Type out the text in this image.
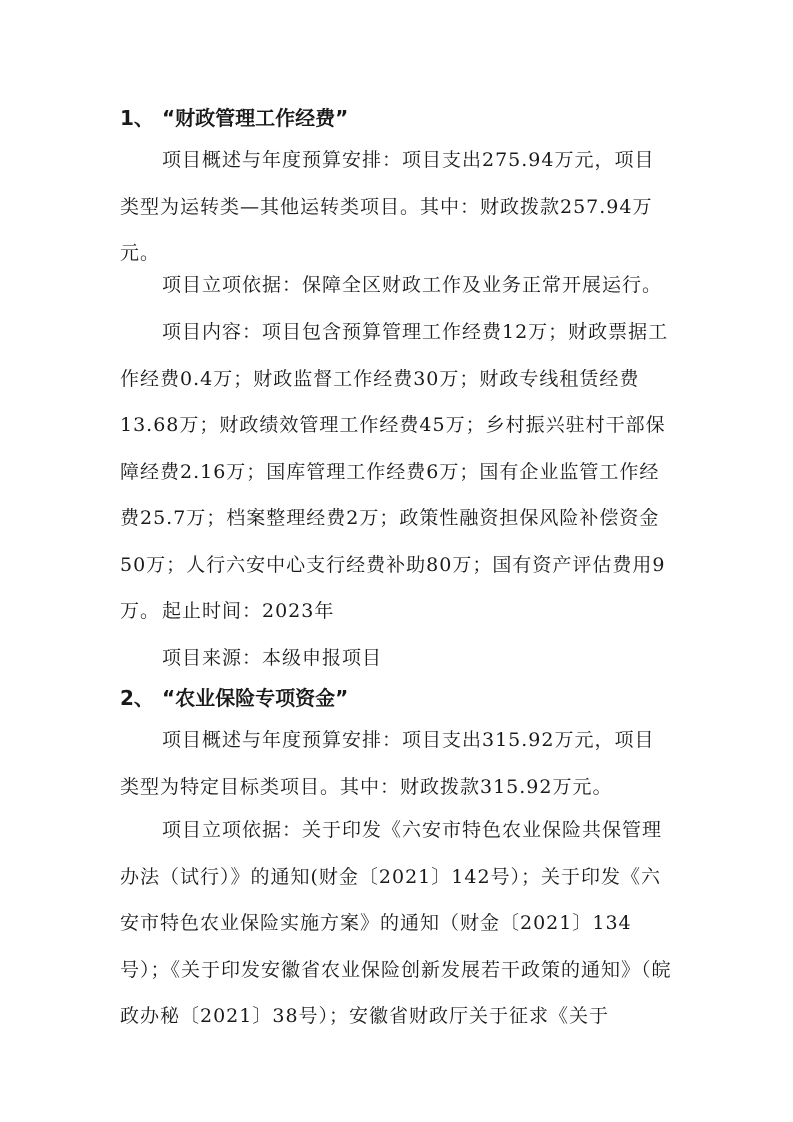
1、 “财政管理工作经费”

项目概述与年度预算安排：项目支出275.94万元，项目类型为运转类—其他运转类项目。其中：财政拨款257.94万元。

项目立项依据：保障全区财政工作及业务正常开展运行。

项目内容：项目包含预算管理工作经费12万；财政票据工作经费0.4万；财政监督工作经费30万；财政专线租赁经费13.68万；财政绩效管理工作经费45万；乡村振兴驻村干部保障经费2.16万；国库管理工作经费6万；国有企业监管工作经费25.7万；档案整理经费2万；政策性融资担保风险补偿资金50万；人行六安中心支行经费补助80万；国有资产评估费用9万。 起止时间：2023年

项目来源：本级申报项目

2、 “农业保险专项资金”

项目概述与年度预算安排：项目支出315.92万元，项目类型为特定目标类项目。其中：财政拨款315.92万元。

项目立项依据：关于印发《六安市特色农业保险共保管理办法（试行）》的通知(财金〔2021〕142号）；关于印发《六安市特色农业保险实施方案》的通知（财金〔2021〕134号）；《关于印发安徽省农业保险创新发展若干政策的通知》（皖政办秘〔2021〕38号）；安徽省财政厅关于征求《关于
